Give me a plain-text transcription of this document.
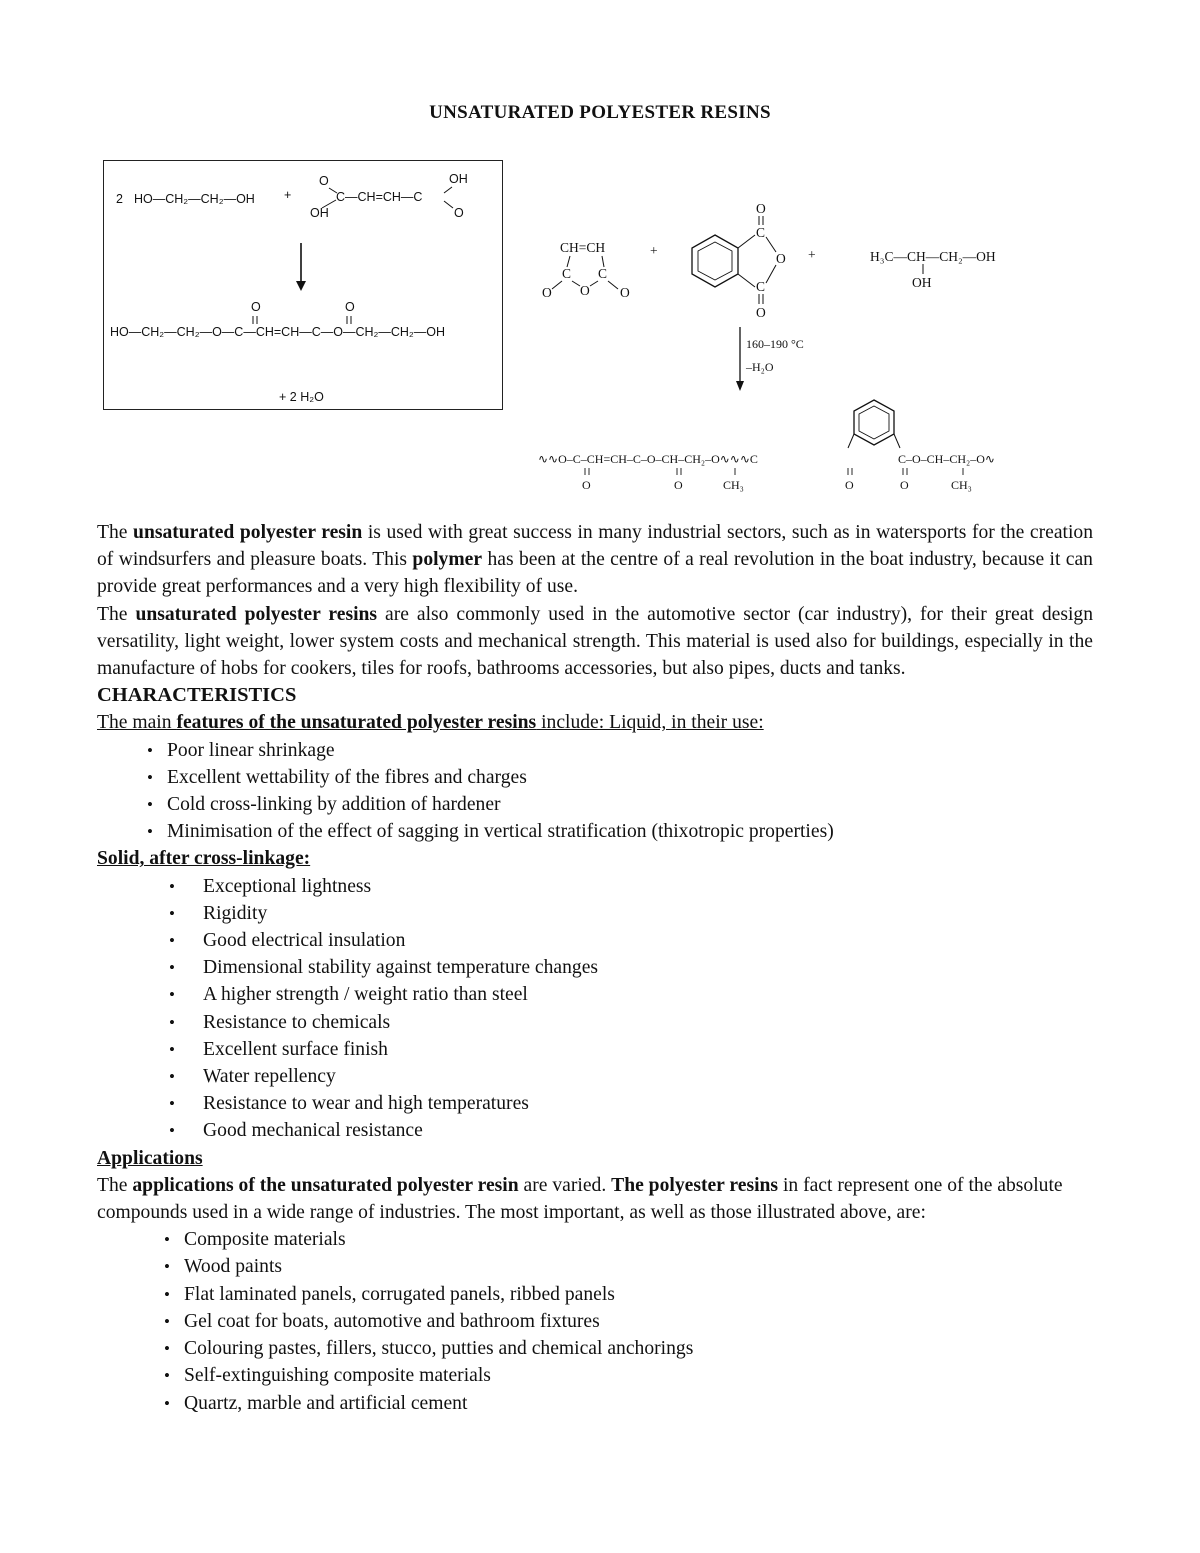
UNSATURATED POLYESTER RESINS
2 HO—CH₂—CH₂—OH +
O	OH
C—CH=CH—C
OH	O
O	O
HO—CH₂—CH₂—O—C—CH=CH—C—O—CH₂—CH₂—OH
+ 2 H₂O
CH=CH
C C
O O O
+
O
C
O
C
O
+	H₃C—CH—CH₂—OH
OH
160–190 °C
–H₂O
∿∿O–C–CH=CH–C–O–CH–CH₂–O∿∿∿C	C–O–CH–CH₂–O∿
O	O	CH₃	O	O	CH₃

The unsaturated polyester resin is used with great success in many industrial sectors, such as in watersports for the creation of windsurfers and pleasure boats. This polymer has been at the centre of a real revolution in the boat industry, because it can provide great performances and a very high flexibility of use.

The unsaturated polyester resins are also commonly used in the automotive sector (car industry), for their great design versatility, light weight, lower system costs and mechanical strength. This material is used also for buildings, especially in the manufacture of hobs for cookers, tiles for roofs, bathrooms accessories, but also pipes, ducts and tanks.

CHARACTERISTICS
The main features of the unsaturated polyester resins include: Liquid, in their use:
• Poor linear shrinkage
• Excellent wettability of the fibres and charges
• Cold cross-linking by addition of hardener
• Minimisation of the effect of sagging in vertical stratification (thixotropic properties)
Solid, after cross-linkage:
• Exceptional lightness
• Rigidity
• Good electrical insulation
• Dimensional stability against temperature changes
• A higher strength / weight ratio than steel
• Resistance to chemicals
• Excellent surface finish
• Water repellency
• Resistance to wear and high temperatures
• Good mechanical resistance
Applications

The applications of the unsaturated polyester resin are varied. The polyester resins in fact represent one of the absolute compounds used in a wide range of industries. The most important, as well as those illustrated above, are:

• Composite materials
• Wood paints
• Flat laminated panels, corrugated panels, ribbed panels
• Gel coat for boats, automotive and bathroom fixtures
• Colouring pastes, fillers, stucco, putties and chemical anchorings
• Self-extinguishing composite materials
• Quartz, marble and artificial cement
